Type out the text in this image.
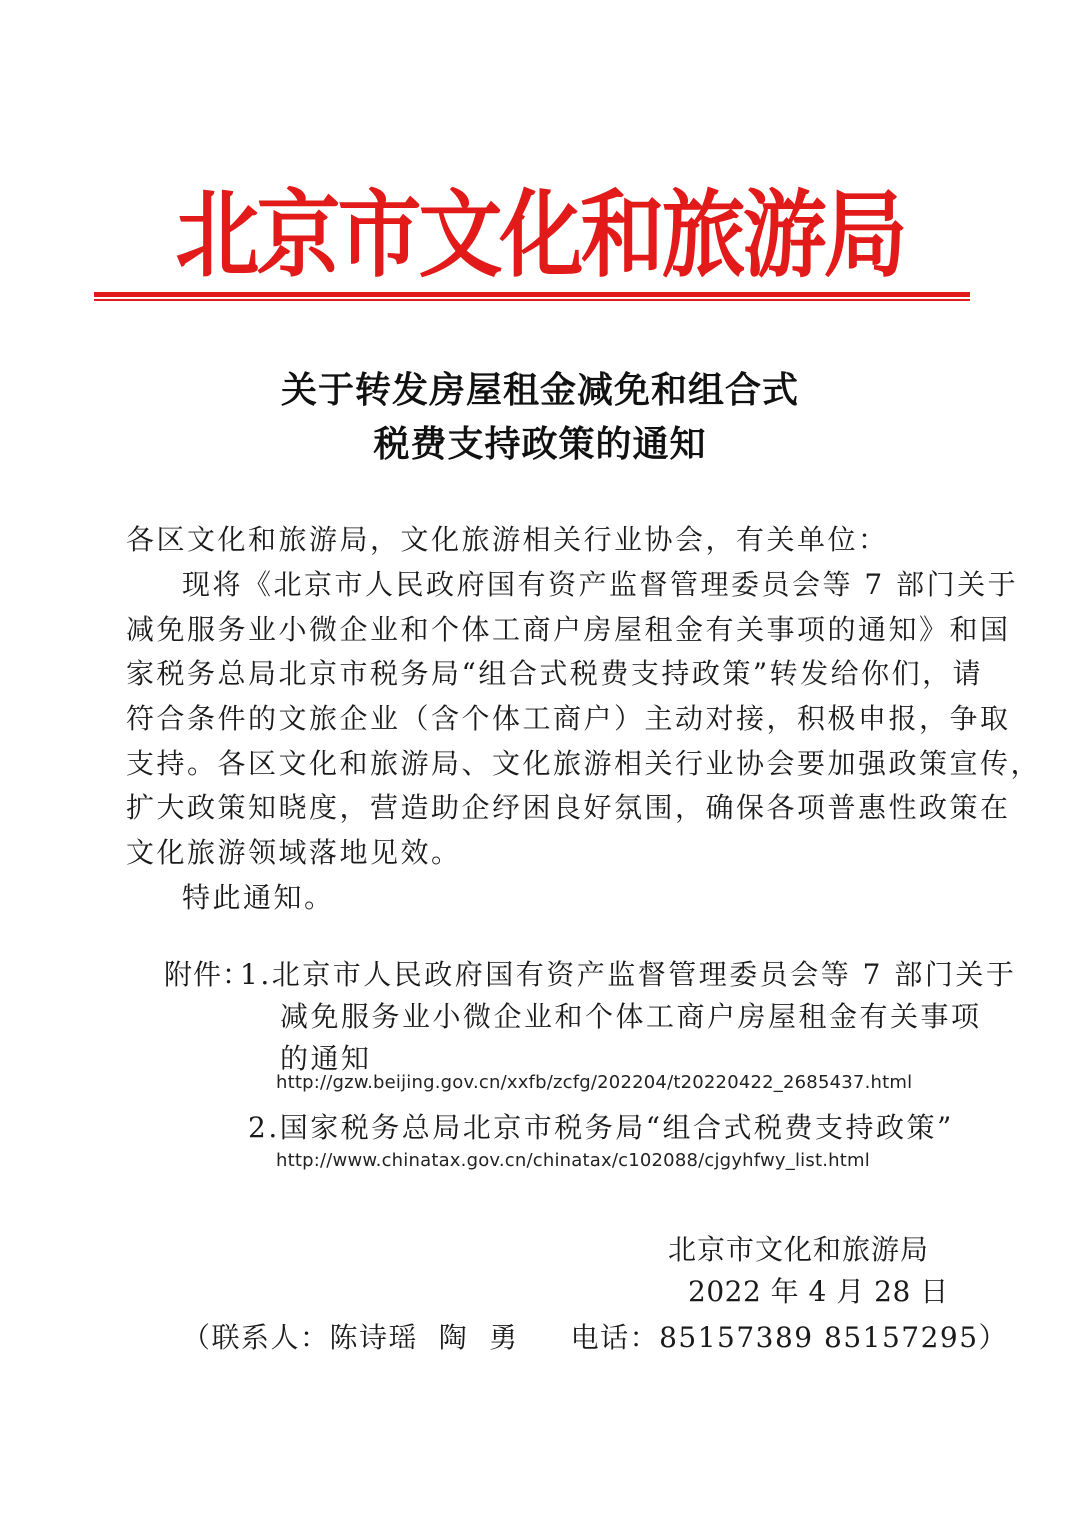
北京市文化和旅游局
关于转发房屋租金减免和组合式
税费支持政策的通知
各区文化和旅游局，文化旅游相关行业协会，有关单位：
现将《北京市人民政府国有资产监督管理委员会等 7 部门关于
减免服务业小微企业和个体工商户房屋租金有关事项的通知》和国
家税务总局北京市税务局“组合式税费支持政策”转发给你们，请
符合条件的文旅企业（含个体工商户）主动对接，积极申报，争取
支持。各区文化和旅游局、文化旅游相关行业协会要加强政策宣传，
扩大政策知晓度，营造助企纾困良好氛围，确保各项普惠性政策在
文化旅游领域落地见效。
特此通知。
附件：
1.北京市人民政府国有资产监督管理委员会等 7 部门关于
减免服务业小微企业和个体工商户房屋租金有关事项
的通知
http://gzw.beijing.gov.cn/xxfb/zcfg/202204/t20220422_2685437.html
2.国家税务总局北京市税务局“组合式税费支持政策”
http://www.chinatax.gov.cn/chinatax/c102088/cjgyhfwy_list.html
北京市文化和旅游局
2022 年 4 月 28 日
（联系人：陈诗瑶  陶  勇     电话：85157389 85157295）
